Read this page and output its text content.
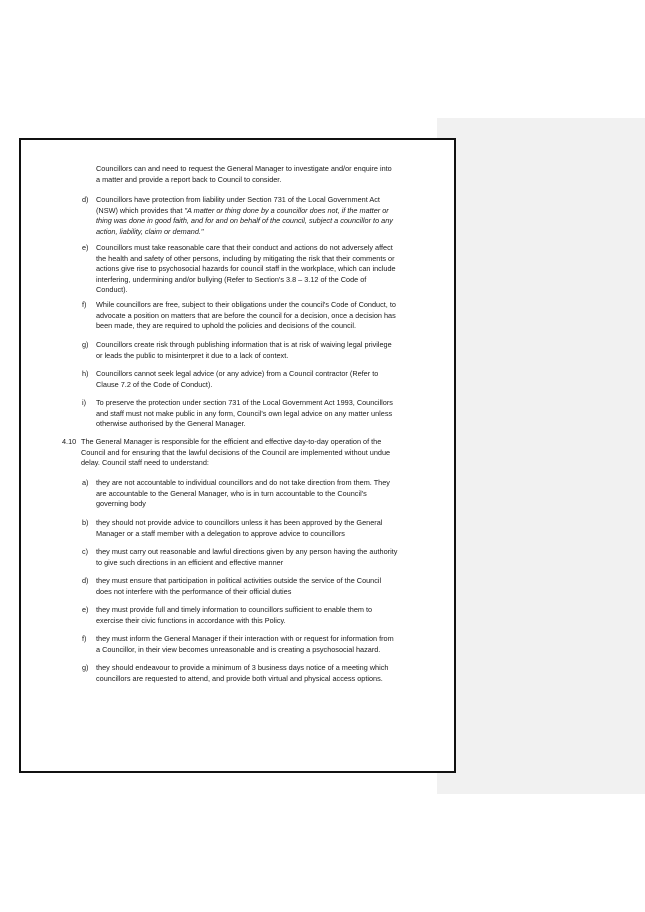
Councillors can and need to request the General Manager to investigate and/or enquire into
a matter and provide a report back to Council to consider.

d) Councillors have protection from liability under Section 731 of the Local Government Act
(NSW) which provides that "A matter or thing done by a councillor does not, if the matter or
thing was done in good faith, and for and on behalf of the council, subject a councillor to any
action, liability, claim or demand."

e) Councillors must take reasonable care that their conduct and actions do not adversely affect
the health and safety of other persons, including by mitigating the risk that their comments or
actions give rise to psychosocial hazards for council staff in the workplace, which can include
interfering, undermining and/or bullying (Refer to Section's 3.8 – 3.12 of the Code of
Conduct).

f) While councillors are free, subject to their obligations under the council's Code of Conduct, to
advocate a position on matters that are before the council for a decision, once a decision has
been made, they are required to uphold the policies and decisions of the council.

g) Councillors create risk through publishing information that is at risk of waiving legal privilege
or leads the public to misinterpret it due to a lack of context.

h) Councillors cannot seek legal advice (or any advice) from a Council contractor (Refer to
Clause 7.2 of the Code of Conduct).

i) To preserve the protection under section 731 of the Local Government Act 1993, Councillors
and staff must not make public in any form, Council's own legal advice on any matter unless
otherwise authorised by the General Manager.

4.10 The General Manager is responsible for the efficient and effective day-to-day operation of the
Council and for ensuring that the lawful decisions of the Council are implemented without undue
delay. Council staff need to understand:

a) they are not accountable to individual councillors and do not take direction from them. They
are accountable to the General Manager, who is in turn accountable to the Council's
governing body

b) they should not provide advice to councillors unless it has been approved by the General
Manager or a staff member with a delegation to approve advice to councillors

c) they must carry out reasonable and lawful directions given by any person having the authority
to give such directions in an efficient and effective manner

d) they must ensure that participation in political activities outside the service of the Council
does not interfere with the performance of their official duties

e) they must provide full and timely information to councillors sufficient to enable them to
exercise their civic functions in accordance with this Policy.

f) they must inform the General Manager if their interaction with or request for information from
a Councillor, in their view becomes unreasonable and is creating a psychosocial hazard.

g) they should endeavour to provide a minimum of 3 business days notice of a meeting which
councillors are requested to attend, and provide both virtual and physical access options.
